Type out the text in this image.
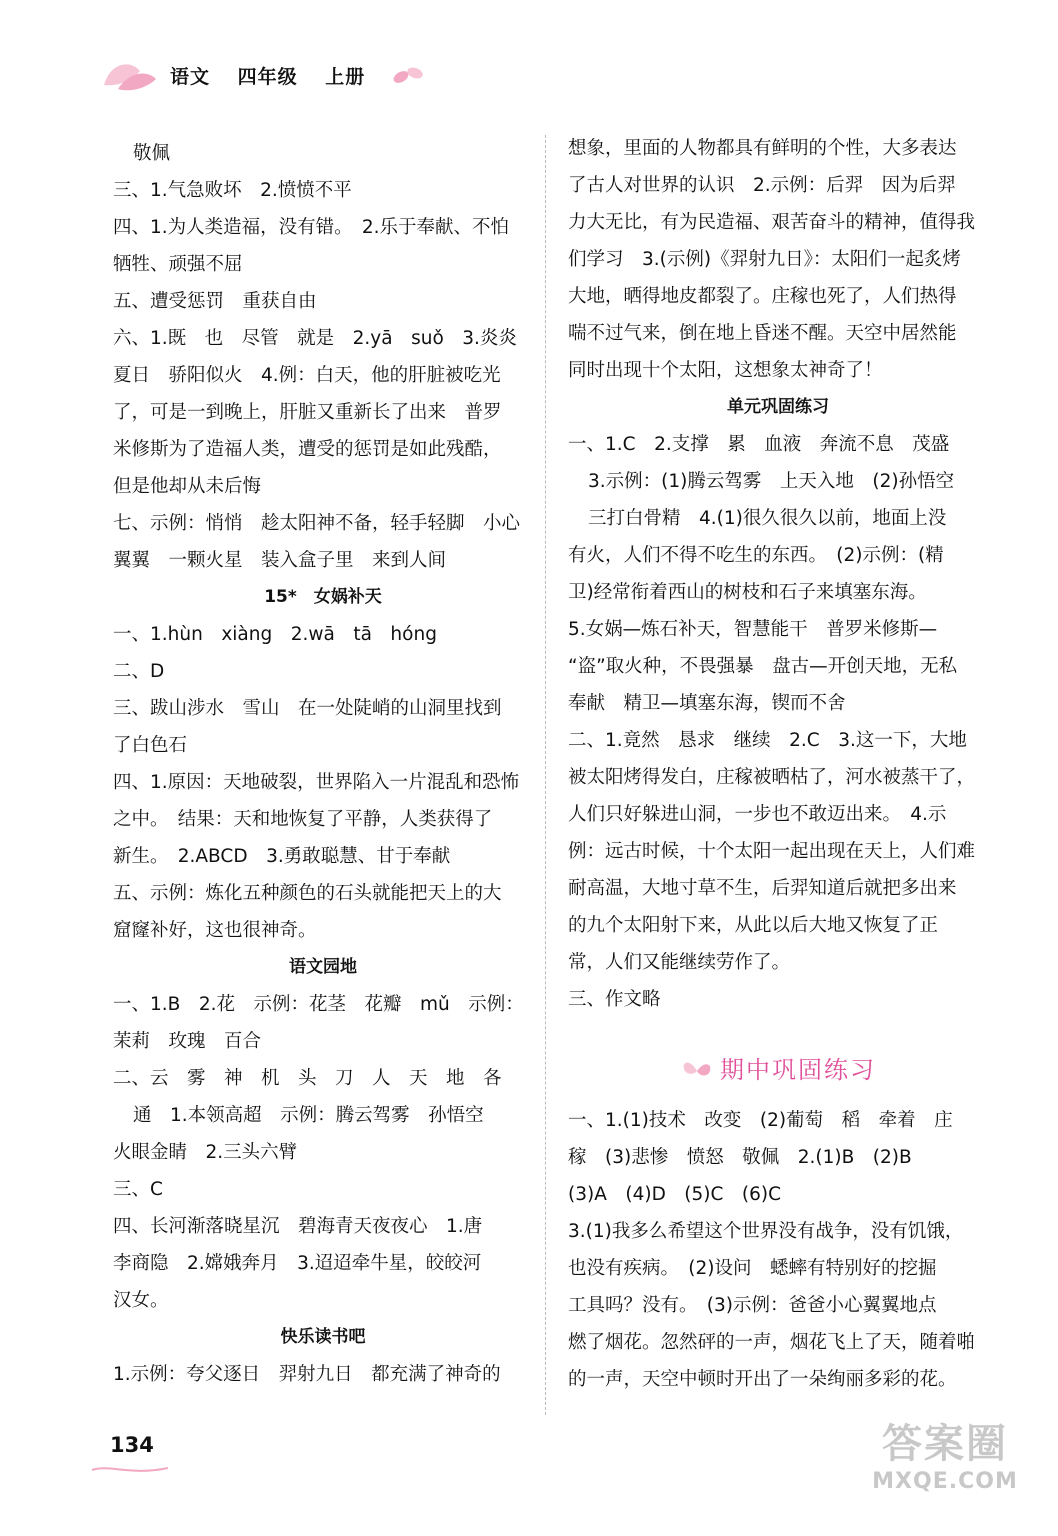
语文 四年级 上册
敬佩
三、1.气急败坏　2.愤愤不平
四、1.为人类造福，没有错。　2.乐于奉献、不怕
牺牲、顽强不屈
五、遭受惩罚　重获自由
六、1.既　也　尽管　就是　2.yā　suǒ　3.炎炎
夏日　骄阳似火　4.例：白天，他的肝脏被吃光
了，可是一到晚上，肝脏又重新长了出来　普罗
米修斯为了造福人类，遭受的惩罚是如此残酷，
但是他却从未后悔
七、示例：悄悄　趁太阳神不备，轻手轻脚　小心
翼翼　一颗火星　装入盒子里　来到人间
15*　女娲补天
一、1.hùn　xiàng　2.wā　tā　hóng
二、D
三、跋山涉水　雪山　在一处陡峭的山洞里找到
了白色石
四、1.原因：天地破裂，世界陷入一片混乱和恐怖
之中。　结果：天和地恢复了平静，人类获得了
新生。　2.ABCD　3.勇敢聪慧、甘于奉献
五、示例：炼化五种颜色的石头就能把天上的大
窟窿补好，这也很神奇。
语文园地
一、1.B　2.花　示例：花茎　花瓣　mǔ　示例：
茉莉　玫瑰　百合
二、云　雾　神　机　头　刀　人　天　地　各
通　1.本领高超　示例：腾云驾雾　孙悟空
火眼金睛　2.三头六臂
三、C
四、长河渐落晓星沉　碧海青天夜夜心　1.唐
李商隐　2.嫦娥奔月　3.迢迢牵牛星，皎皎河
汉女。
快乐读书吧
1.示例：夸父逐日　羿射九日　都充满了神奇的
想象，里面的人物都具有鲜明的个性，大多表达
了古人对世界的认识　2.示例：后羿　因为后羿
力大无比，有为民造福、艰苦奋斗的精神，值得我
们学习　3.(示例)《羿射九日》：太阳们一起炙烤
大地，晒得地皮都裂了。庄稼也死了，人们热得
喘不过气来，倒在地上昏迷不醒。天空中居然能
同时出现十个太阳，这想象太神奇了！
单元巩固练习
一、1.C　2.支撑　累　血液　奔流不息　茂盛
3.示例：(1)腾云驾雾　上天入地　(2)孙悟空
三打白骨精　4.(1)很久很久以前，地面上没
有火，人们不得不吃生的东西。　(2)示例：(精
卫)经常衔着西山的树枝和石子来填塞东海。
5.女娲—炼石补天，智慧能干　普罗米修斯—
“盗”取火种，不畏强暴　盘古—开创天地，无私
奉献　精卫—填塞东海，锲而不舍
二、1.竟然　恳求　继续　2.C　3.这一下，大地
被太阳烤得发白，庄稼被晒枯了，河水被蒸干了，
人们只好躲进山洞，一步也不敢迈出来。　4.示
例：远古时候，十个太阳一起出现在天上，人们难
耐高温，大地寸草不生，后羿知道后就把多出来
的九个太阳射下来，从此以后大地又恢复了正
常，人们又能继续劳作了。
三、作文略
期中巩固练习
一、1.(1)技术　改变　(2)葡萄　稻　牵着　庄
稼　(3)悲惨　愤怒　敬佩　2.(1)B　(2)B
(3)A　(4)D　(5)C　(6)C
3.(1)我多么希望这个世界没有战争，没有饥饿，
也没有疾病。　(2)设问　蟋蟀有特别好的挖掘
工具吗？没有。　(3)示例：爸爸小心翼翼地点
燃了烟花。忽然砰的一声，烟花飞上了天，随着啪
的一声，天空中顿时开出了一朵绚丽多彩的花。
134	答案圈
MXQE.COM
